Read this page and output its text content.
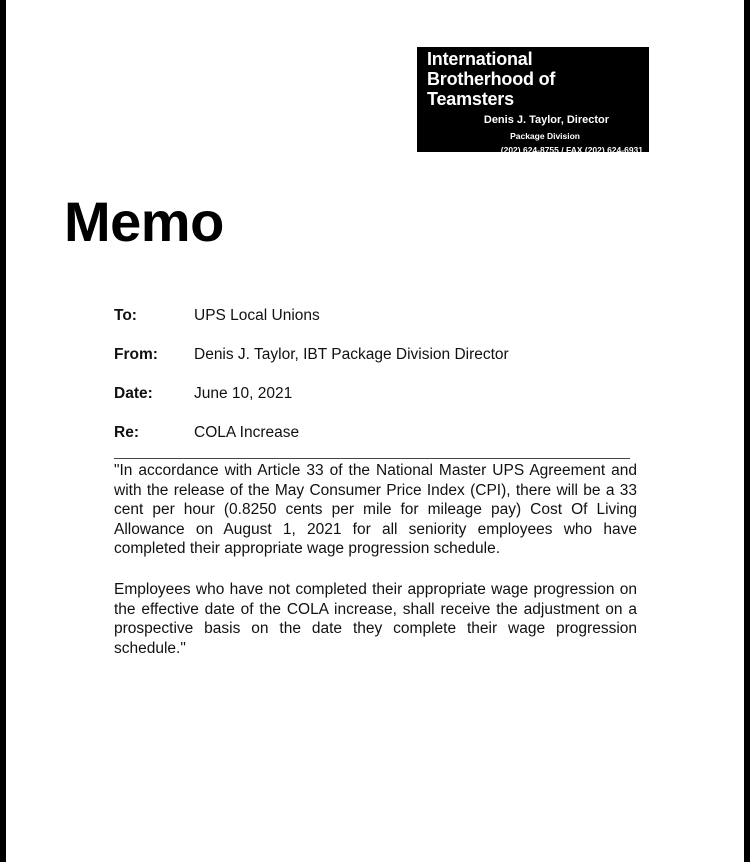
International
Brotherhood of
Teamsters
Denis J. Taylor, Director
Package Division
(202) 624-8755 / FAX (202) 624-6931
Memo
To:	UPS Local Unions
From: Denis J. Taylor, IBT Package Division Director
Date:	June 10, 2021
Re:	COLA Increase
"In accordance with Article 33 of the National Master UPS Agreement and with the release of the May Consumer Price Index (CPI), there will be a 33 cent per hour (0.8250 cents per mile for mileage pay) Cost Of Living Allowance on August 1, 2021 for all seniority employees who have completed their appropriate wage progression schedule.
Employees who have not completed their appropriate wage progression on the effective date of the COLA increase, shall receive the adjustment on a prospective basis on the date they complete their wage progression schedule."
